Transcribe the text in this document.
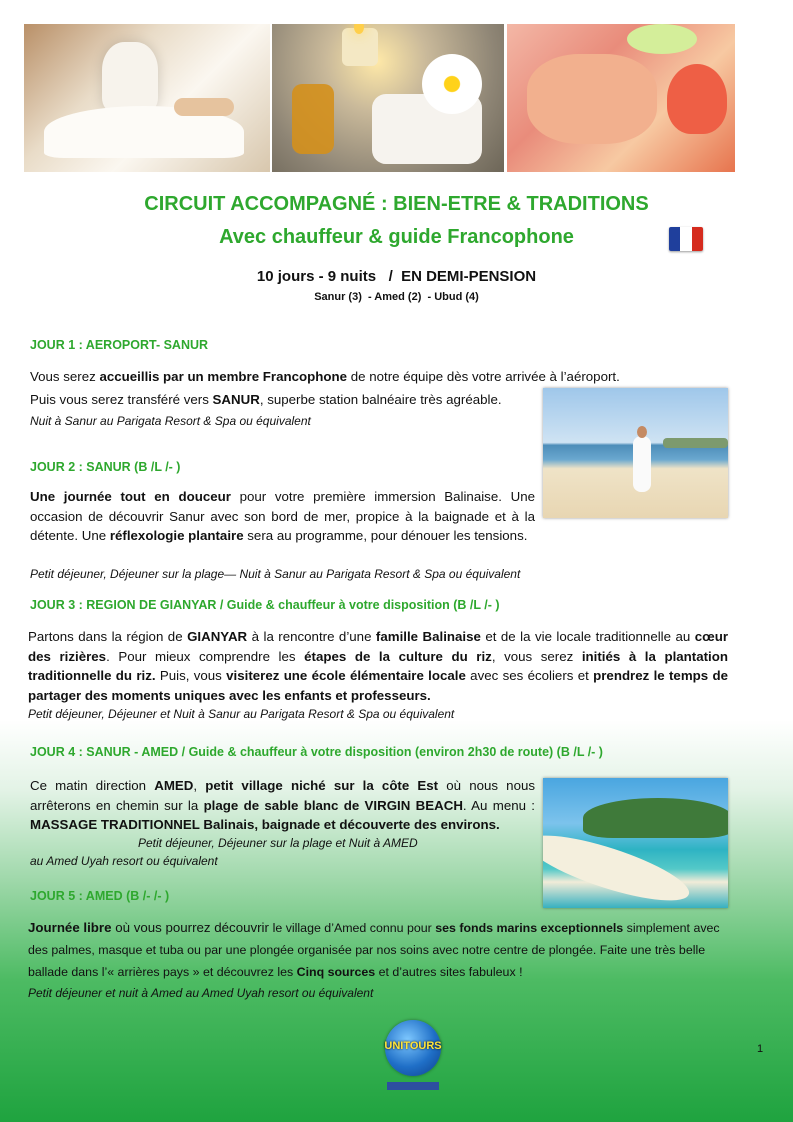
CIRCUIT ACCOMPAGNÉ : BIEN-ETRE & TRADITIONS
Avec chauffeur & guide Francophone
10 jours - 9 nuits   /  EN DEMI-PENSION
Sanur (3)  - Amed (2)  - Ubud (4)
JOUR 1 : AEROPORT- SANUR
Vous serez accueillis par un membre Francophone de notre équipe dès votre arrivée à l’aéroport.
Puis vous serez transféré vers SANUR, superbe station balnéaire très agréable.
Nuit à Sanur au Parigata Resort & Spa ou équivalent
JOUR 2 : SANUR (B /L /- )
Une journée tout en douceur pour votre première immersion Balinaise. Une occasion de découvrir Sanur avec son bord de mer, propice à la baignade et à la détente. Une réflexologie plantaire sera au programme, pour dénouer les tensions.
Petit déjeuner, Déjeuner sur la plage— Nuit à Sanur au Parigata Resort & Spa ou équivalent
JOUR 3 : REGION DE GIANYAR / Guide & chauffeur à votre disposition (B /L /- )
Partons dans la région de GIANYAR à la rencontre d’une famille Balinaise et de la vie locale traditionnelle au cœur des rizières. Pour mieux comprendre les étapes de la culture du riz, vous serez initiés à la plantation traditionnelle du riz. Puis, vous visiterez une école élémentaire locale avec ses écoliers et prendrez le temps de partager des moments uniques avec les enfants et professeurs.
Petit déjeuner, Déjeuner et Nuit à Sanur au Parigata Resort & Spa ou équivalent
JOUR 4 : SANUR - AMED / Guide & chauffeur à votre disposition (environ 2h30 de route) (B /L /- )
Ce matin direction AMED, petit village niché sur la côte Est où nous nous arrêterons en chemin sur la plage de sable blanc de VIRGIN BEACH. Au menu : MASSAGE TRADITIONNEL Balinais, baignade et découverte des environs.
Petit déjeuner, Déjeuner sur la plage et Nuit à AMED
au Amed Uyah resort ou équivalent
JOUR 5 : AMED (B /- /- )
Journée libre où vous pourrez découvrir le village d’Amed connu pour ses fonds marins exceptionnels simplement avec des palmes, masque et tuba ou par une plongée organisée par nos soins avec notre centre de plongée. Faite une très belle ballade dans l’« arrières pays » et découvrez les Cinq sources et d’autres sites fabuleux !
Petit déjeuner et nuit à Amed au Amed Uyah resort ou équivalent
UNITOURS	1
